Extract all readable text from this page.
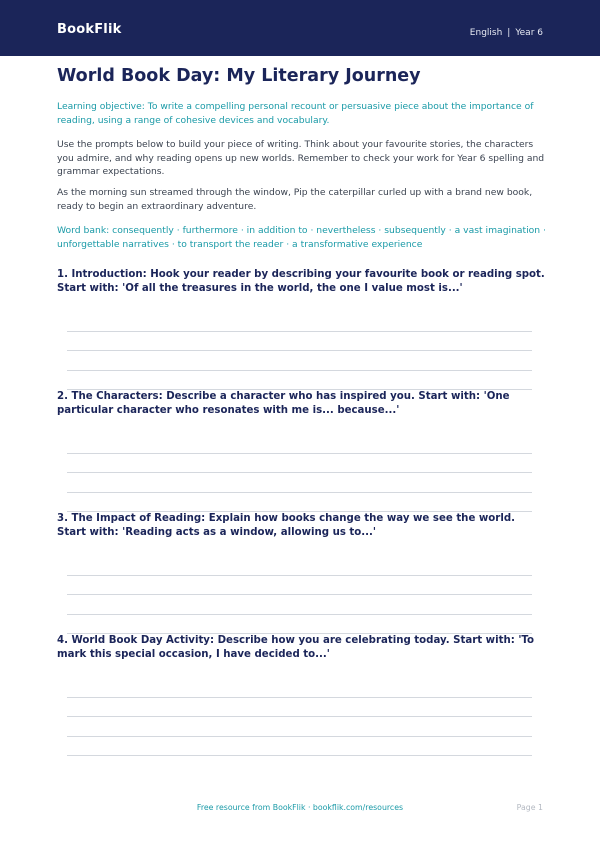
BookFlik	English | Year 6
World Book Day: My Literary Journey

Learning objective: To write a compelling personal recount or persuasive piece about the importance of reading, using a range of cohesive devices and vocabulary.

Use the prompts below to build your piece of writing. Think about your favourite stories, the characters you admire, and why reading opens up new worlds. Remember to check your work for Year 6 spelling and grammar expectations.

As the morning sun streamed through the window, Pip the caterpillar curled up with a brand new book, ready to begin an extraordinary adventure.

Word bank: consequently · furthermore · in addition to · nevertheless · subsequently · a vast imagination · unforgettable narratives · to transport the reader · a transformative experience

1. Introduction: Hook your reader by describing your favourite book or reading spot. Start with: 'Of all the treasures in the world, the one I value most is...'

2. The Characters: Describe a character who has inspired you. Start with: 'One particular character who resonates with me is... because...'

3. The Impact of Reading: Explain how books change the way we see the world. Start with: 'Reading acts as a window, allowing us to...'

4. World Book Day Activity: Describe how you are celebrating today. Start with: 'To mark this special occasion, I have decided to...'

Free resource from BookFlik · bookflik.com/resources	Page 1
